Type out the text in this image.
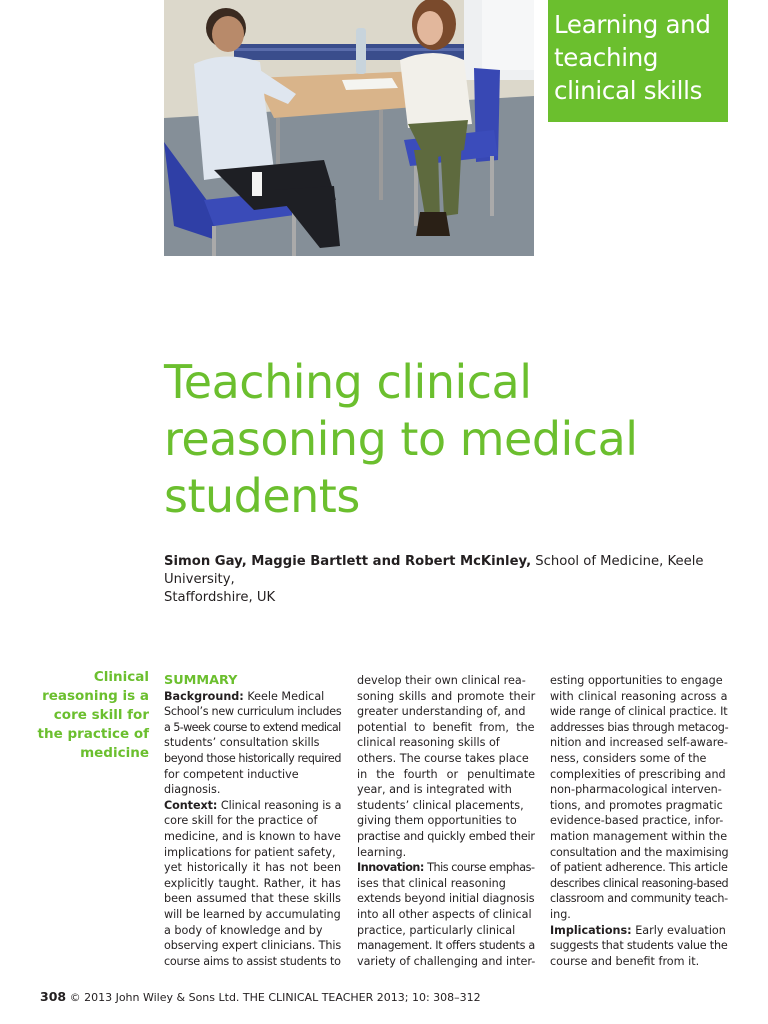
Learning and
teaching
clinical skills
Teaching clinical
reasoning to medical
students
Simon Gay, Maggie Bartlett and Robert McKinley, School of Medicine, Keele University,
Staffordshire, UK
Clinical
reasoning is a
core skill for
the practice of
medicine
SUMMARY
Background: Keele Medical
School’s new curriculum includes
a 5-week course to extend medical
students’ consultation skills
beyond those historically required
for competent inductive
diagnosis.
Context: Clinical reasoning is a
core skill for the practice of
medicine, and is known to have
implications for patient safety,
yet historically it has not been
explicitly taught. Rather, it has
been assumed that these skills
will be learned by accumulating
a body of knowledge and by
observing expert clinicians. This
course aims to assist students to
develop their own clinical rea-
soning skills and promote their
greater understanding of, and
potential to benefit from, the
clinical reasoning skills of
others. The course takes place
in the fourth or penultimate
year, and is integrated with
students’ clinical placements,
giving them opportunities to
practise and quickly embed their
learning.
Innovation: This course emphas-
ises that clinical reasoning
extends beyond initial diagnosis
into all other aspects of clinical
practice, particularly clinical
management. It offers students a
variety of challenging and inter-
esting opportunities to engage
with clinical reasoning across a
wide range of clinical practice. It
addresses bias through metacog-
nition and increased self-aware-
ness, considers some of the
complexities of prescribing and
non-pharmacological interven-
tions, and promotes pragmatic
evidence-based practice, infor-
mation management within the
consultation and the maximising
of patient adherence. This article
describes clinical reasoning-based
classroom and community teach-
ing.
Implications: Early evaluation
suggests that students value the
course and benefit from it.
308 © 2013 John Wiley & Sons Ltd. THE CLINICAL TEACHER 2013; 10: 308–312
